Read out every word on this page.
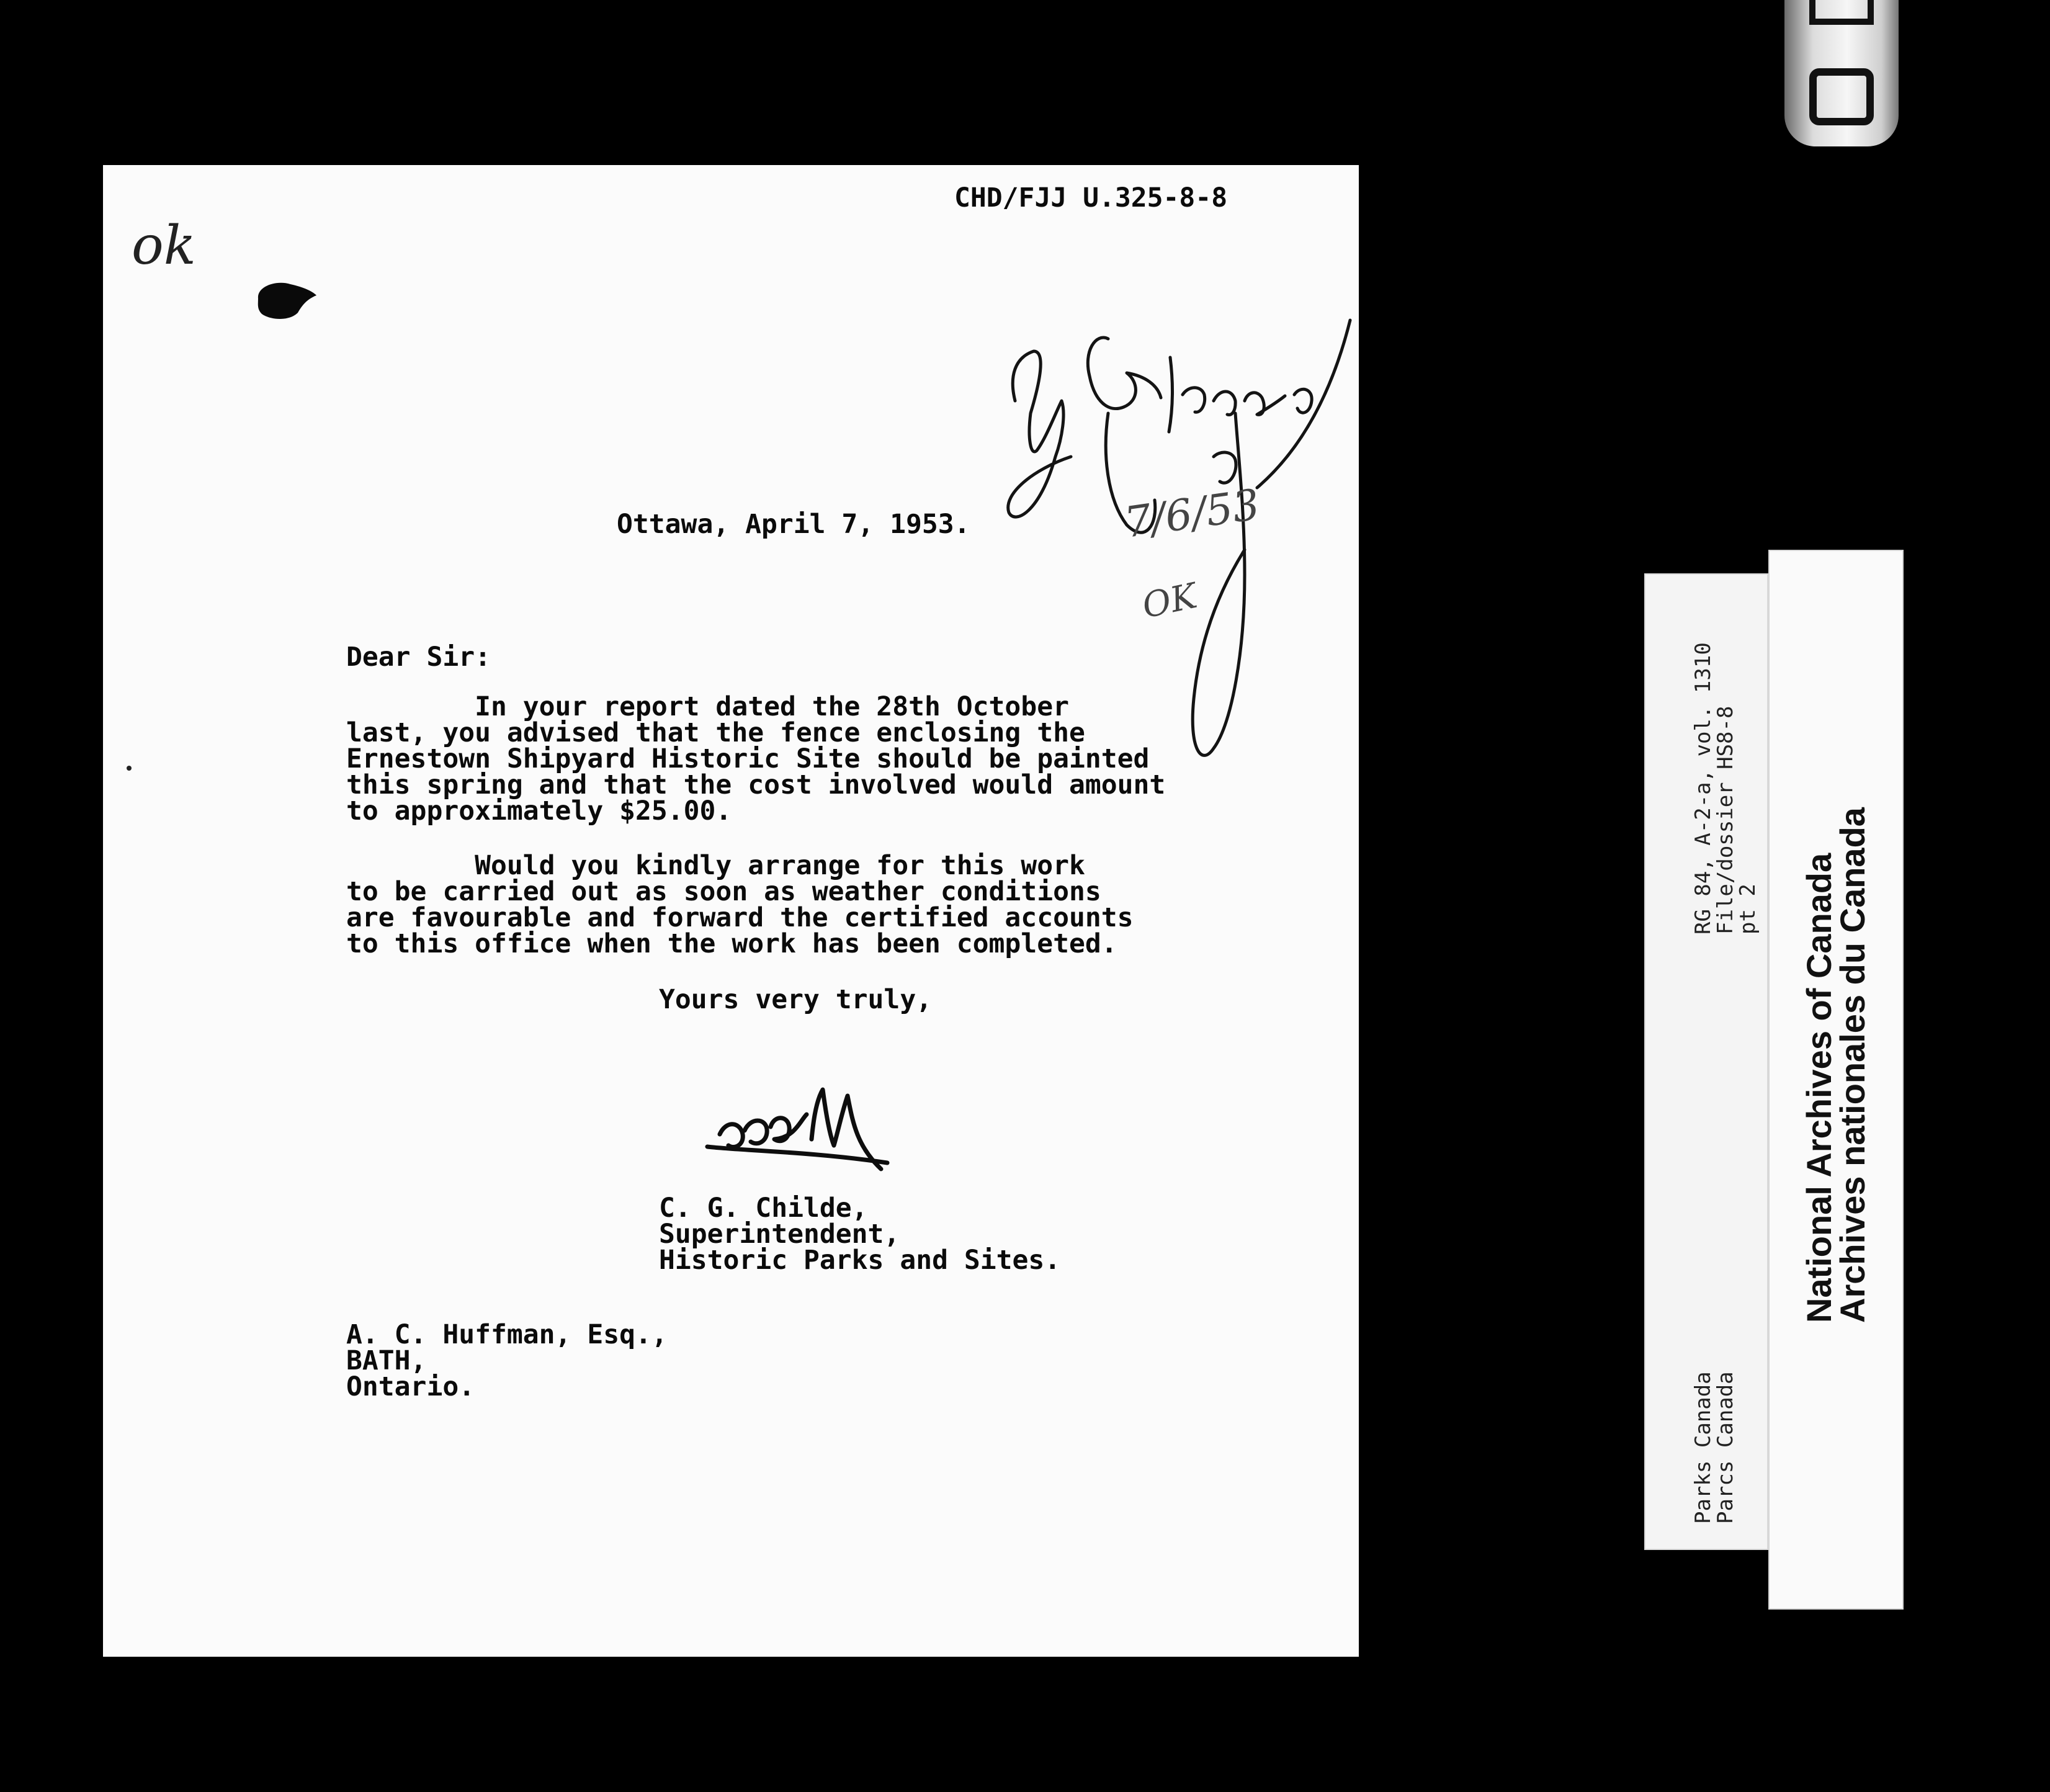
CHD/FJJ U.325-8-8

ok
7/6/53
OK

Ottawa, April 7, 1953.

Dear Sir:

In your report dated the 28th October
last, you advised that the fence enclosing the
Ernestown Shipyard Historic Site should be painted
this spring and that the cost involved would amount
to approximately $25.00.

Would you kindly arrange for this work
to be carried out as soon as weather conditions
are favourable and forward the certified accounts
to this office when the work has been completed.

Yours very truly,

C. G. Childe,
Superintendent,
Historic Parks and Sites.
A. C. Huffman, Esq.,
BATH,
Ontario.

RG 84, A-2-a, vol. 1310

File/dossier HS8-8

pt 2

Parks Canada

Parcs Canada

National Archives of Canada

Archives nationales du Canada
